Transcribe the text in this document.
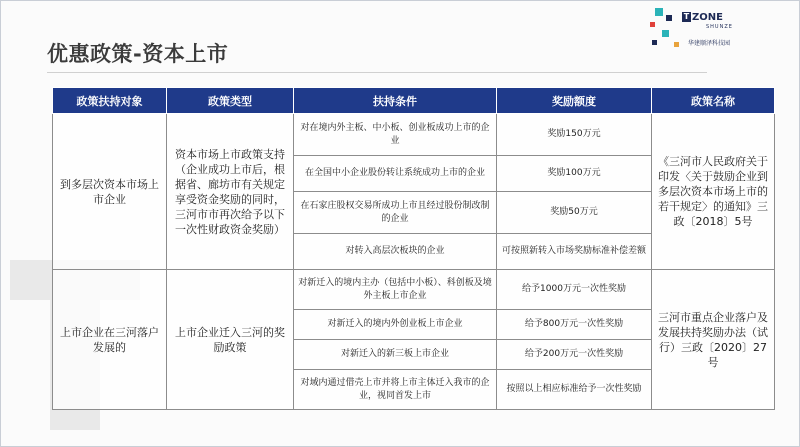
T ZONE
SHUNZE
华建顺泽科技园
优惠政策-资本上市
政策扶持对象	政策类型	扶持条件	奖励额度	政策名称
到多层次资本市场上市企业	资本市场上市政策支持（企业成功上市后，根据省、廊坊市有关规定享受资金奖励的同时，三河市市再次给予以下一次性财政资金奖励）	对在境内外主板、中小板、创业板成功上市的企业	奖励150万元	《三河市人民政府关于印发〈关于鼓励企业到多层次资本市场上市的若干规定〉的通知》三政〔2018〕5号
		在全国中小企业股份转让系统成功上市的企业	奖励100万元	
		在石家庄股权交易所成功上市且经过股份制改制的企业	奖励50万元	
		对转入高层次板块的企业	可按照新转入市场奖励标准补偿差额	
上市企业在三河落户发展的	上市企业迁入三河的奖励政策	对新迁入的境内主办（包括中小板）、科创板及境外主板上市企业	给予1000万元一次性奖励	三河市重点企业落户及发展扶持奖励办法（试行）三政〔2020〕27号
		对新迁入的境内外创业板上市企业	给予800万元一次性奖励	
		对新迁入的新三板上市企业	给予200万元一次性奖励	
		对域内通过借壳上市并将上市主体迁入我市的企业，视同首发上市	按照以上相应标准给予一次性奖励	
